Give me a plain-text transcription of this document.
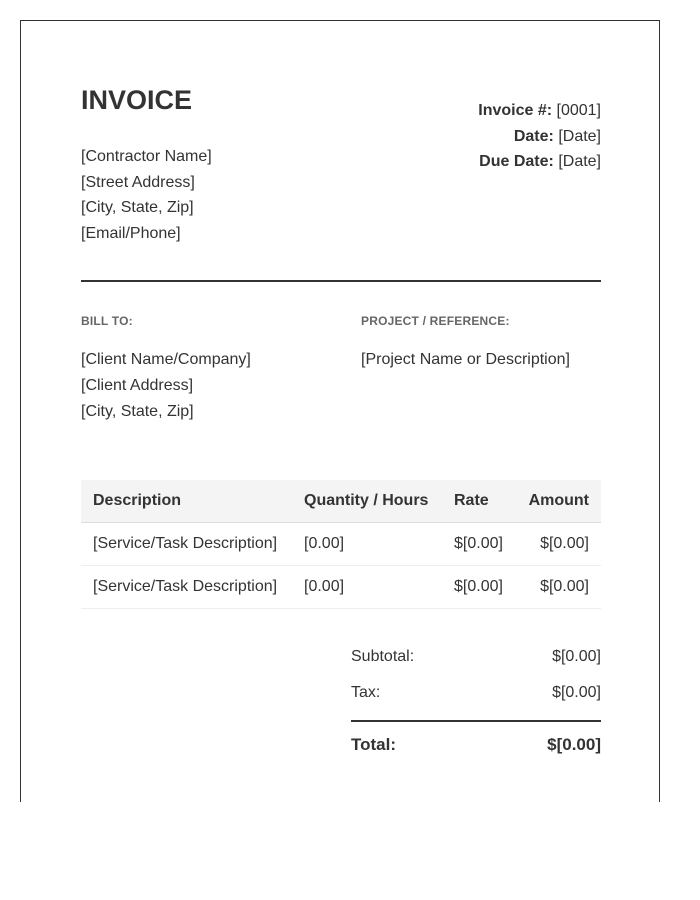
INVOICE
[Contractor Name]
[Street Address]
[City, State, Zip]
[Email/Phone]
Invoice #: [0001]
Date: [Date]
Due Date: [Date]
BILL TO:	PROJECT / REFERENCE:
[Client Name/Company]
[Client Address]
[City, State, Zip]
[Project Name or Description]
Description	Quantity / Hours	Rate	Amount
[Service/Task Description]	[0.00]	$[0.00]	$[0.00]
[Service/Task Description]	[0.00]	$[0.00]	$[0.00]
Subtotal:	$[0.00]
Tax:	$[0.00]
Total:	$[0.00]
